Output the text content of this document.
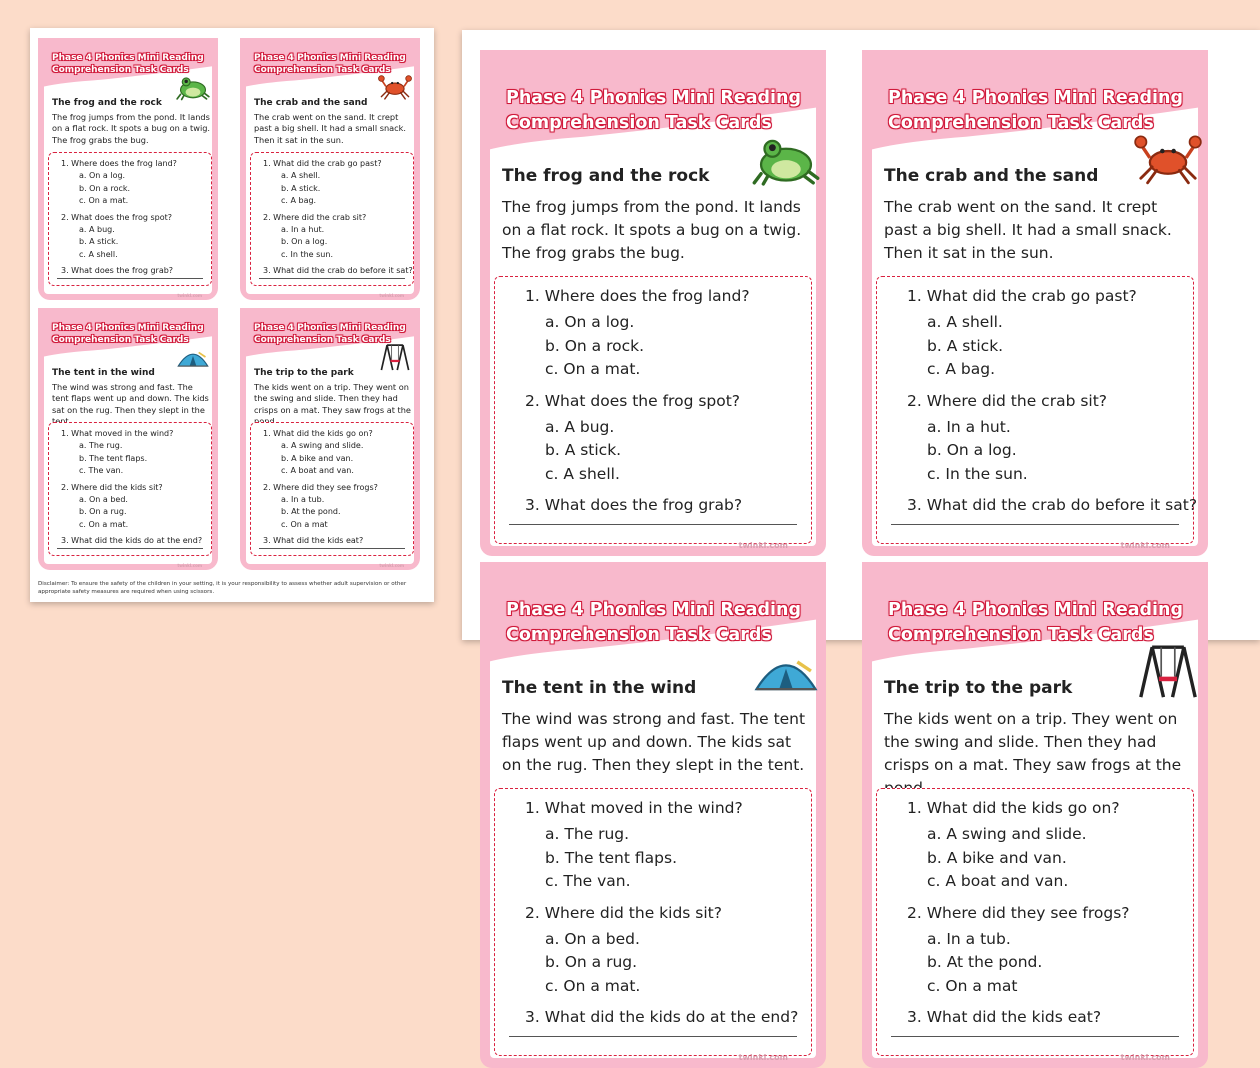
Phase 4 Phonics Mini Reading
Comprehension Task Cards
The frog and the rock
The frog jumps from the pond. It lands on a flat rock. It spots a bug on a twig. The frog grabs the bug.
1. Where does the frog land?
a. On a log.
b. On a rock.
c. On a mat.
2. What does the frog spot?
a. A bug.
b. A stick.
c. A shell.
3. What does the frog grab?
twinkl.com
Phase 4 Phonics Mini Reading
Comprehension Task Cards
The crab and the sand
The crab went on the sand. It crept past a big shell. It had a small snack. Then it sat in the sun.
1. What did the crab go past?
a. A shell.
b. A stick.
c. A bag.
2. Where did the crab sit?
a. In a hut.
b. On a log.
c. In the sun.
3. What did the crab do before it sat?
twinkl.com
Phase 4 Phonics Mini Reading
Comprehension Task Cards
The tent in the wind
The wind was strong and fast. The tent flaps went up and down. The kids sat on the rug. Then they slept in the
1. What moved in the wind?
a. The rug.
b. The tent flaps.
c. The van.
2. Where did the kids sit?
a. On a bed.
b. On a rug.
c. On a mat.
3. What did the kids do at the end?
twinkl.com
Phase 4 Phonics Mini Reading
Comprehension Task Cards
The trip to the park
The kids went on a trip. They went on the swing and slide. Then they had crisps on a mat. They saw frogs at the
1. What did the kids go on?
a. A swing and slide.
b. A bike and van.
c. A boat and van.
2. Where did they see frogs?
a. In a tub.
b. At the pond.
c. On a mat
3. What did the kids eat?
twinkl.com
Disclaimer: To ensure the safety of the children in your setting, it is your responsibility to assess whether adult supervision or other appropriate safety measures are required when using scissors.
Phase 4 Phonics Mini Reading
Comprehension Task Cards
The frog and the rock
The frog jumps from the pond. It lands on a flat rock. It spots a bug on a twig. The frog grabs the bug.
1. Where does the frog land?
a. On a log.
b. On a rock.
c. On a mat.
2. What does the frog spot?
a. A bug.
b. A stick.
c. A shell.
3. What does the frog grab?
twinkl.com
Phase 4 Phonics Mini Reading
Comprehension Task Cards
The crab and the sand
The crab went on the sand. It crept past a big shell. It had a small snack. Then it sat in the sun.
1. What did the crab go past?
a. A shell.
b. A stick.
c. A bag.
2. Where did the crab sit?
a. In a hut.
b. On a log.
c. In the sun.
3. What did the crab do before it sat?
twinkl.com
Phase 4 Phonics Mini Reading
Comprehension Task Cards
The tent in the wind
The wind was strong and fast. The tent flaps went up and down. The kids sat on the rug. Then they slept in the tent.
1. What moved in the wind?
a. The rug.
b. The tent flaps.
c. The van.
2. Where did the kids sit?
a. On a bed.
b. On a rug.
c. On a mat.
3. What did the kids do at the end?
twinkl.com
Phase 4 Phonics Mini Reading
Comprehension Task Cards
The trip to the park
The kids went on a trip. They went on the swing and slide. Then they had crisps on a mat. They saw frogs at the
1. What did the kids go on?
a. A swing and slide.
b. A bike and van.
c. A boat and van.
2. Where did they see frogs?
a. In a tub.
b. At the pond.
c. On a mat
3. What did the kids eat?
twinkl.com
